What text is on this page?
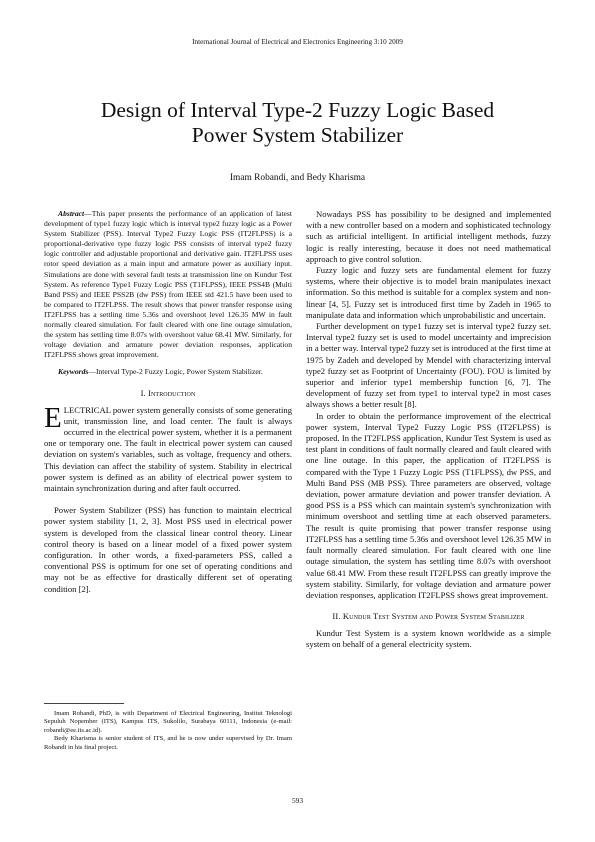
International Journal of Electrical and Electronics Engineering 3:10 2009
Design of Interval Type-2 Fuzzy Logic Based
Power System Stabilizer
Imam Robandi, and Bedy Kharisma

Abstract—This paper presents the performance of an application of latest development of type1 fuzzy logic which is interval type2 fuzzy logic as a Power System Stabilizer (PSS). Interval Type2 Fuzzy Logic PSS (IT2FLPSS) is a proportional-derivative type fuzzy logic PSS consists of interval type2 fuzzy logic controller and adjustable proportional and derivative gain. IT2FLPSS uses rotor speed deviation as a main input and armature power as auxiliary input. Simulations are done with several fault tests at transmission line on Kundur Test System. As reference Type1 Fuzzy Logic PSS (T1FLPSS), IEEE PSS4B (Multi Band PSS) and IEEE PSS2B (dw PSS) from IEEE std 421.5 have been used to be compared to IT2FLPSS. The result shows that power transfer response using IT2FLPSS has a settling time 5.36s and overshoot level 126.35 MW in fault normally cleared simulation. For fault cleared with one line outage simulation, the system has settling time 8.07s with overshoot value 68.41 MW. Similarly, for voltage deviation and armature power deviation responses, application IT2FLPSS shows great improvement.

Keywords—Interval Type-2 Fuzzy Logic, Power System Stabilizer.

I. Introduction

ELECTRICAL power system generally consists of some generating unit, transmission line, and load center. The fault is always occurred in the electrical power system, whether it is a permanent one or temporary one. The fault in electrical power system can caused deviation on system's variables, such as voltage, frequency and others. This deviation can affect the stability of system. Stability in electrical power system is defined as an ability of electrical power system to maintain synchronization during and after fault occurred.

Power System Stabilizer (PSS) has function to maintain electrical power system stability [1, 2, 3]. Most PSS used in electrical power system is developed from the classical linear control theory. Linear control theory is based on a linear model of a fixed power system configuration. In other words, a fixed-parameters PSS, called a conventional PSS is optimum for one set of operating conditions and may not be as effective for drastically different set of operating condition [2].

Imam Robandi, PhD, is with Department of Electrical Engineering, Institut Teknologi Sepuluh Nopember (ITS), Kampus ITS, Sukolilo, Surabaya 60111, Indonesia (e-mail: robandi@ee.its.ac.id).

Bedy Kharisma is senior student of ITS, and he is now under supervised by Dr. Imam Robandi in his final project.

Nowadays PSS has possibility to be designed and implemented with a new controller based on a modern and sophisticated technology such as artificial intelligent. In artificial intelligent methods, fuzzy logic is really interesting, because it does not need mathematical approach to give control solution.

Fuzzy logic and fuzzy sets are fundamental element for fuzzy systems, where their objective is to model brain manipulates inexact information. So this method is suitable for a complex system and non-linear [4, 5]. Fuzzy set is introduced first time by Zadeh in 1965 to manipulate data and information which unprobabilistic and uncertain.

Further development on type1 fuzzy set is interval type2 fuzzy set. Interval type2 fuzzy set is used to model uncertainty and imprecision in a better way. Interval type2 fuzzy set is introduced at the first time at 1975 by Zadeh and developed by Mendel with characterizing interval type2 fuzzy set as Footprint of Uncertainty (FOU). FOU is limited by superior and inferior type1 membership function [6, 7]. The development of fuzzy set from type1 to interval type2 in most cases always shows a better result [8].

In order to obtain the performance improvement of the electrical power system, Interval Type2 Fuzzy Logic PSS (IT2FLPSS) is proposed. In the IT2FLPSS application, Kundur Test System is used as test plant in conditions of fault normally cleared and fault cleared with one line outage. In this paper, the application of IT2FLPSS is compared with the Type 1 Fuzzy Logic PSS (T1FLPSS), dw PSS, and Multi Band PSS (MB PSS). Three parameters are observed, voltage deviation, power armature deviation and power transfer deviation. A good PSS is a PSS which can maintain system's synchronization with minimum overshoot and settling time at each observed parameters. The result is quite promising that power transfer response using IT2FLPSS has a settling time 5.36s and overshoot level 126.35 MW in fault normally cleared simulation. For fault cleared with one line outage simulation, the system has settling time 8.07s with overshoot value 68.41 MW. From these result IT2FLPSS can greatly improve the system stability. Similarly, for voltage deviation and armature power deviation responses, application IT2FLPSS shows great improvement.

II. Kundur Test System and Power System Stabilizer

Kundur Test System is a system known worldwide as a simple system on behalf of a general electricity system.

593
